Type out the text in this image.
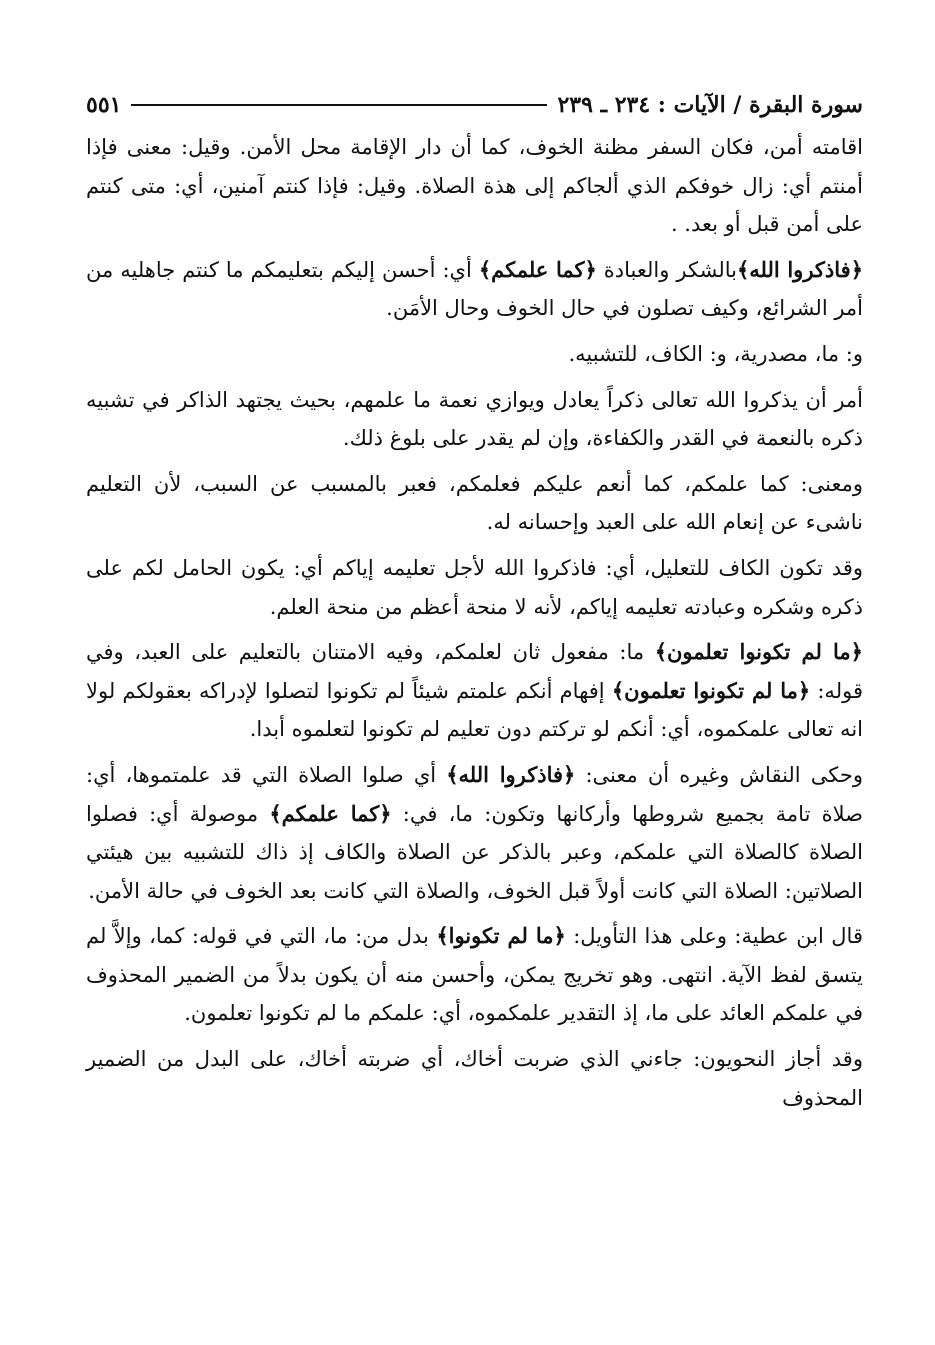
سورة البقرة / الآيات : ٢٣٤ ـ ٢٣٩
٥٥١

اقامته أمن، فكان السفر مظنة الخوف، كما أن دار الإقامة محل الأمن. وقيل: معنى فإذا أمنتم أي: زال خوفكم الذي ألجاكم إلى هذة الصلاة. وقيل: فإذا كنتم آمنين، أي: متى كنتم على أمن قبل أو بعد. .

﴿فاذكروا الله﴾بالشكر والعبادة ﴿كما علمكم﴾ أي: أحسن إليكم بتعليمكم ما كنتم جاهليه من أمر الشرائع، وكيف تصلون في حال الخوف وحال الأمَن.

و: ما، مصدرية، و: الكاف، للتشبيه.

أمر أن يذكروا الله تعالى ذكراً يعادل ويوازي نعمة ما علمهم، بحيث يجتهد الذاكر في تشبيه ذكره بالنعمة في القدر والكفاءة، وإن لم يقدر على بلوغ ذلك.

ومعنى: كما علمكم، كما أنعم عليكم فعلمكم، فعبر بالمسبب عن السبب، لأن التعليم ناشىء عن إنعام الله على العبد وإحسانه له.

وقد تكون الكاف للتعليل، أي: فاذكروا الله لأجل تعليمه إياكم أي: يكون الحامل لكم على ذكره وشكره وعبادته تعليمه إياكم، لأنه لا منحة أعظم من منحة العلم.

﴿ما لم تكونوا تعلمون﴾ ما: مفعول ثان لعلمكم، وفيه الامتنان بالتعليم على العبد، وفي قوله: ﴿ما لم تكونوا تعلمون﴾ إفهام أنكم علمتم شيئاً لم تكونوا لتصلوا لإدراكه بعقولكم لولا انه تعالى علمكموه، أي: أنكم لو تركتم دون تعليم لم تكونوا لتعلموه أبدا.

وحكى النقاش وغيره أن معنى: ﴿فاذكروا الله﴾ أي صلوا الصلاة التي قد علمتموها، أي: صلاة تامة بجميع شروطها وأركانها وتكون: ما، في: ﴿كما علمكم﴾ موصولة أي: فصلوا الصلاة كالصلاة التي علمكم، وعبر بالذكر عن الصلاة والكاف إذ ذاك للتشبيه بين هيئتي الصلاتين: الصلاة التي كانت أولاً قبل الخوف، والصلاة التي كانت بعد الخوف في حالة الأمن.

قال ابن عطية: وعلى هذا التأويل: ﴿ما لم تكونوا﴾ بدل من: ما، التي في قوله: كما، وإلاَّ لم يتسق لفظ الآية. انتهى. وهو تخريج يمكن، وأحسن منه أن يكون بدلاً من الضمير المحذوف في علمكم العائد على ما، إذ التقدير علمكموه، أي: علمكم ما لم تكونوا تعلمون.

وقد أجاز النحويون: جاءني الذي ضربت أخاك، أي ضربته أخاك، على البدل من الضمير المحذوف
